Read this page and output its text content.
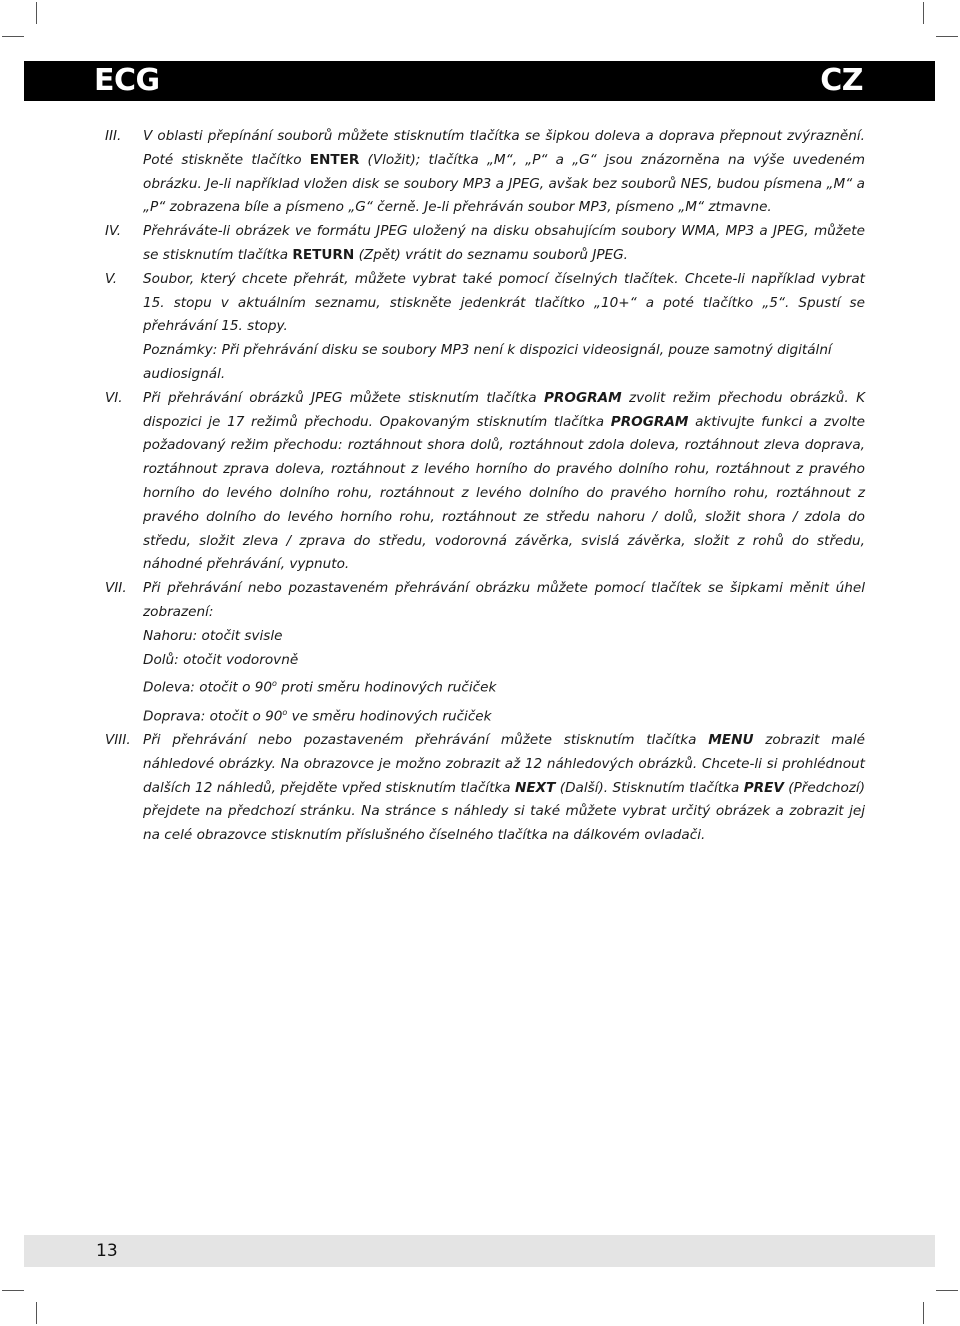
ECG	CZ
III. V oblasti přepínání souborů můžete stisknutím tlačítka se šipkou doleva a doprava přepnout zvýraznění. Poté stiskněte tlačítko ENTER (Vložit); tlačítka „M“, „P“ a „G“ jsou znázorněna na výše uvedeném obrázku. Je-li například vložen disk se soubory MP3 a JPEG, avšak bez souborů NES, budou písmena „M“ a „P“ zobrazena bíle a písmeno „G“ černě. Je-li přehráván soubor MP3, písmeno „M“ ztmavne.
IV. Přehráváte-li obrázek ve formátu JPEG uložený na disku obsahujícím soubory WMA, MP3 a JPEG, můžete se stisknutím tlačítka RETURN (Zpět) vrátit do seznamu souborů JPEG.
V. Soubor, který chcete přehrát, můžete vybrat také pomocí číselných tlačítek. Chcete-li například vybrat 15. stopu v aktuálním seznamu, stiskněte jedenkrát tlačítko „10+“ a poté tlačítko „5“. Spustí se přehrávání 15. stopy.
Poznámky: Při přehrávání disku se soubory MP3 není k dispozici videosignál, pouze samotný digitální audiosignál.
VI. Při přehrávání obrázků JPEG můžete stisknutím tlačítka PROGRAM zvolit režim přechodu obrázků. K dispozici je 17 režimů přechodu. Opakovaným stisknutím tlačítka PROGRAM aktivujte funkci a zvolte požadovaný režim přechodu: roztáhnout shora dolů, roztáhnout zdola doleva, roztáhnout zleva doprava, roztáhnout zprava doleva, roztáhnout z levého horního do pravého dolního rohu, roztáhnout z pravého horního do levého dolního rohu, roztáhnout z levého dolního do pravého horního rohu, roztáhnout z pravého dolního do levého horního rohu, roztáhnout ze středu nahoru / dolů, složit shora / zdola do středu, složit zleva / zprava do středu, vodorovná závěrka, svislá závěrka, složit z rohů do středu, náhodné přehrávání, vypnuto.
VII. Při přehrávání nebo pozastaveném přehrávání obrázku můžete pomocí tlačítek se šipkami měnit úhel zobrazení:
Nahoru: otočit svisle
Dolů: otočit vodorovně
Doleva: otočit o 90$^o$ proti směru hodinových ručiček
Doprava: otočit o 90$^o$ ve směru hodinových ručiček
VIII. Při přehrávání nebo pozastaveném přehrávání můžete stisknutím tlačítka MENU zobrazit malé náhledové obrázky. Na obrazovce je možno zobrazit až 12 náhledových obrázků. Chcete-li si prohlédnout dalších 12 náhledů, přejděte vpřed stisknutím tlačítka NEXT (Další). Stisknutím tlačítka PREV (Předchozí) přejdete na předchozí stránku. Na stránce s náhledy si také můžete vybrat určitý obrázek a zobrazit jej na celé obrazovce stisknutím příslušného číselného tlačítka na dálkovém ovladači.
13
